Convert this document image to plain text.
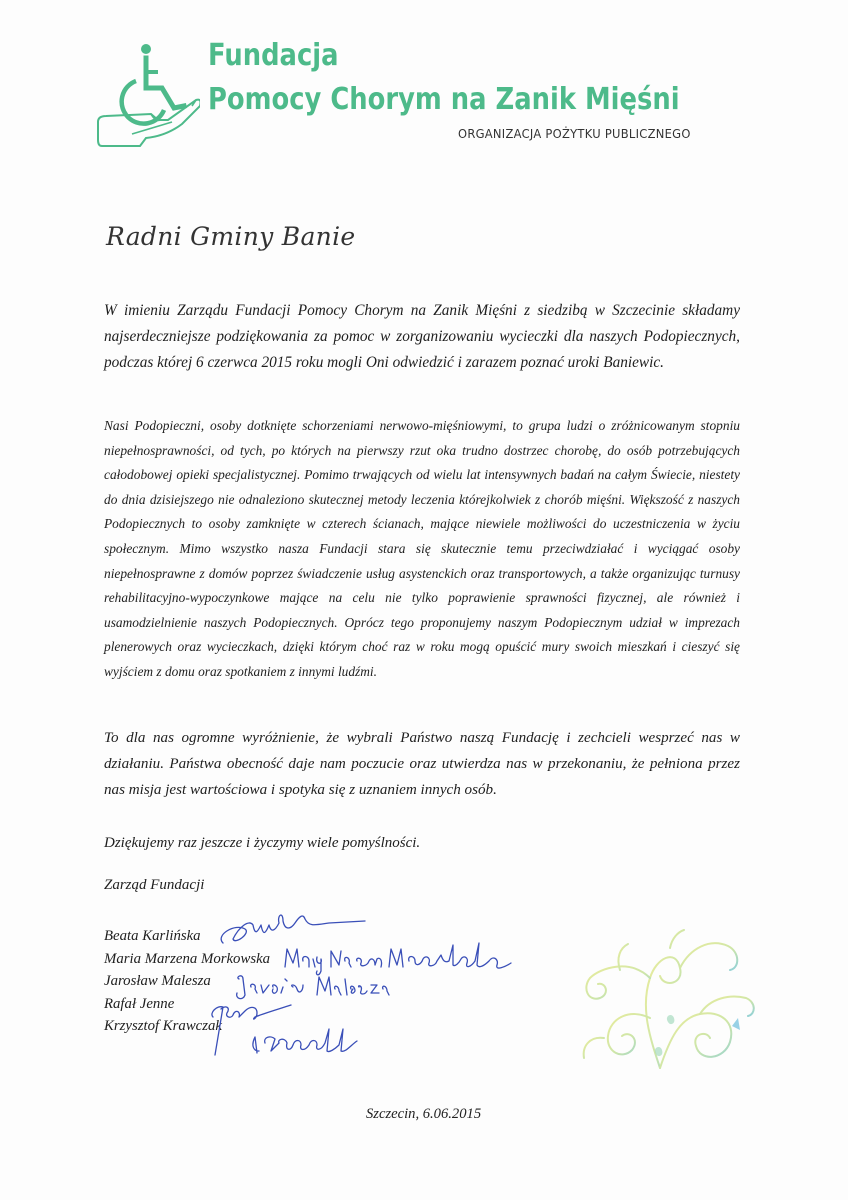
Fundacja
Pomocy Chorym na Zanik Mięśni
ORGANIZACJA POŻYTKU PUBLICZNEGO
Radni Gminy Banie

W imieniu Zarządu Fundacji Pomocy Chorym na Zanik Mięśni z siedzibą w Szczecinie składamy najserdeczniejsze podziękowania za pomoc w zorganizowaniu wycieczki dla naszych Podopiecznych, podczas której 6 czerwca 2015 roku mogli Oni odwiedzić i zarazem poznać uroki Baniewic.

Nasi Podopieczni, osoby dotknięte schorzeniami nerwowo-mięśniowymi, to grupa ludzi o zróżnicowanym stopniu niepełnosprawności, od tych, po których na pierwszy rzut oka trudno dostrzec chorobę, do osób potrzebujących całodobowej opieki specjalistycznej. Pomimo trwających od wielu lat intensywnych badań na całym Świecie, niestety do dnia dzisiejszego nie odnaleziono skutecznej metody leczenia którejkolwiek z chorób mięśni. Większość z naszych Podopiecznych to osoby zamknięte w czterech ścianach, mające niewiele możliwości do uczestniczenia w życiu społecznym. Mimo wszystko nasza Fundacji stara się skutecznie temu przeciwdziałać i wyciągać osoby niepełnosprawne z domów poprzez świadczenie usług asystenckich oraz transportowych, a także organizując turnusy rehabilitacyjno-wypoczynkowe mające na celu nie tylko poprawienie sprawności fizycznej, ale również i usamodzielnienie naszych Podopiecznych. Oprócz tego proponujemy naszym Podopiecznym udział w imprezach plenerowych oraz wycieczkach, dzięki którym choć raz w roku mogą opuścić mury swoich mieszkań i cieszyć się wyjściem z domu oraz spotkaniem z innymi ludźmi.

To dla nas ogromne wyróżnienie, że wybrali Państwo naszą Fundację i zechcieli wesprzeć nas w działaniu. Państwa obecność daje nam poczucie oraz utwierdza nas w przekonaniu, że pełniona przez nas misja jest wartościowa i spotyka się z uznaniem innych osób.

Dziękujemy raz jeszcze i życzymy wiele pomyślności.
Zarząd Fundacji
Beata Karlińska
Maria Marzena Morkowska
Jarosław Malesza
Rafał Jenne
Krzysztof Krawczak
Szczecin, 6.06.2015
